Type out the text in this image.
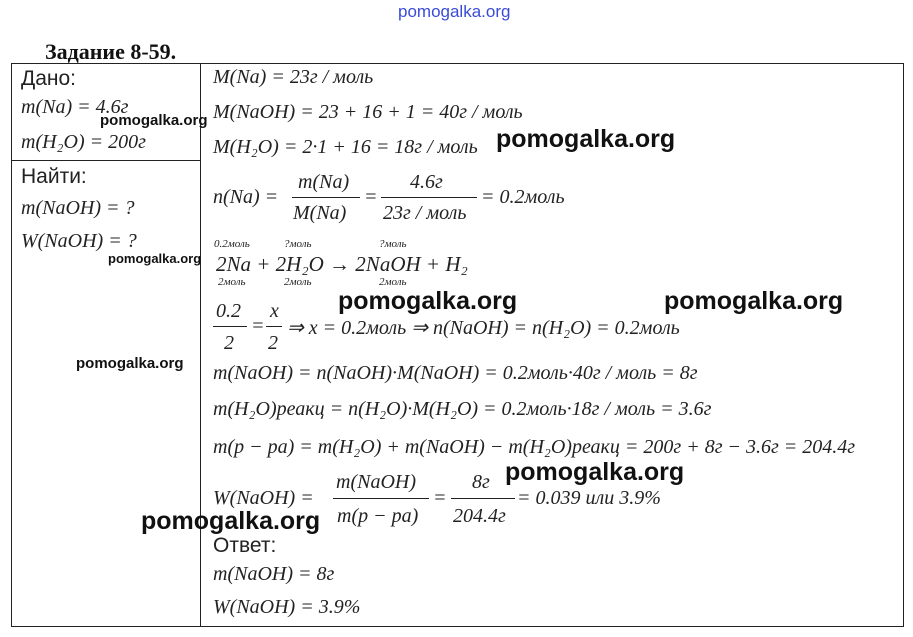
pomogalka.org
Задание 8-59.
Дано:
m(Na) = 4.6г
m(H₂O) = 200г
Найти:
m(NaOH) = ?
W(NaOH) = ?
M(Na) = 23г / моль
M(NaOH) = 23 + 16 + 1 = 40г / моль
M(H₂O) = 2·1 + 16 = 18г / моль
n(Na) =
m(Na)
M(Na)
=
4.6г
23г / моль
= 0.2моль
0.2моль	?моль	?моль
2Na + 2H₂O → 2NaOH + H₂
2моль	2моль	2моль
0.2
2
=
x
2
⇒ x = 0.2моль ⇒ n(NaOH) = n(H₂O) = 0.2моль
m(NaOH) = n(NaOH)·M(NaOH) = 0.2моль·40г / моль = 8г
m(H₂O)реакц = n(H₂O)·M(H₂O) = 0.2моль·18г / моль = 3.6г
m(р − ра) = m(H₂O) + m(NaOH) − m(H₂O)реакц = 200г + 8г − 3.6г = 204.4г
W(NaOH) =
m(NaOH)
m(р − ра)
=
8г
204.4г
= 0.039 или 3.9%
Ответ:
m(NaOH) = 8г
W(NaOH) = 3.9%
pomogalka.org
pomogalka.org
pomogalka.org
pomogalka.org	pomogalka.org
pomogalka.org
pomogalka.org
pomogalka.org
